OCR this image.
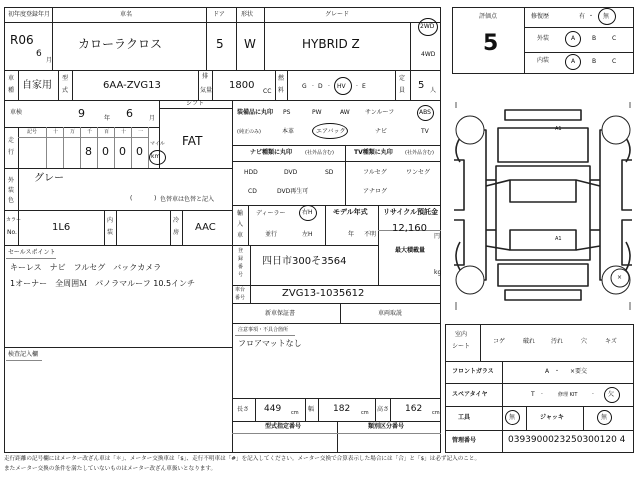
初年度登録年月	車名	ドア	形状	グレード
R06
6
月
カローラクロス	5 W	HYBRID Z
2WD
4WD
車
種 自家用
型
式	6AA-ZVG13
排
気量 1800
CC
燃
料
G · D · HV · E
定
員 5 人
車検	9	年 6	月
シフト
FAT
走
行
記号	十 万 千 百 十 一
8 0 0 0
マイル
km
外
装
色
グレー
(	) 色替車は色替と記入
カラー
No.	1L6
内
装
冷
房 AAC
セールスポイント
キーレス　ナビ　フルセグ　バックカメラ
1オーナー　全周囲Ｍ　パノラマルーフ 10.5インチ
検査記入欄
装備品に丸印
(純正のみ)
PS	PW	AW	サンルーフ	ABS
本革	エアバック	ナビ	TV
ナビ種類に丸印	(社外品含む)	TV種類に丸印 (社外品含む)
HDD	DVD	SD
CD	DVD再生可
フルセグ	ワンセグ
アナログ
輸
入
車
ディーラー
並行
右H
左H
モデル年式
年 不明
リサイクル預託金
12,160
円
最大積載量
kg
登
録
番
号
四日市300そ3564
車台
番号	ZVG13-1035612
新車保証書	車両取説
注意事項・不具合箇所
フロアマットなし
長さ 449 cm 幅 182 cm 高さ 162 cm
型式指定番号	類別区分番号
評価点
5
修復歴	有 ・ 無
外装	A	B	C
内装	A	B	C
A1
A1
×
室内
シート
コゲ	破れ	汚れ	穴	キズ
フロントガラス	A ・ ×要交
スペアタイヤ	T ·	修理 KIT · 欠
工具	無	ジャッキ	無
管理番号	0393900023250300120 4
走行距離の記号欄にはメーター改ざん車は「＊」、メーター交換車は「$」、走行不明車は「#」を記入してください。メーター交換で合算表示した場合には「合」と「$」は必ず記入のこと。
またメーター交換の条件を満たしていないものはメーター改ざん車扱いとなります。
